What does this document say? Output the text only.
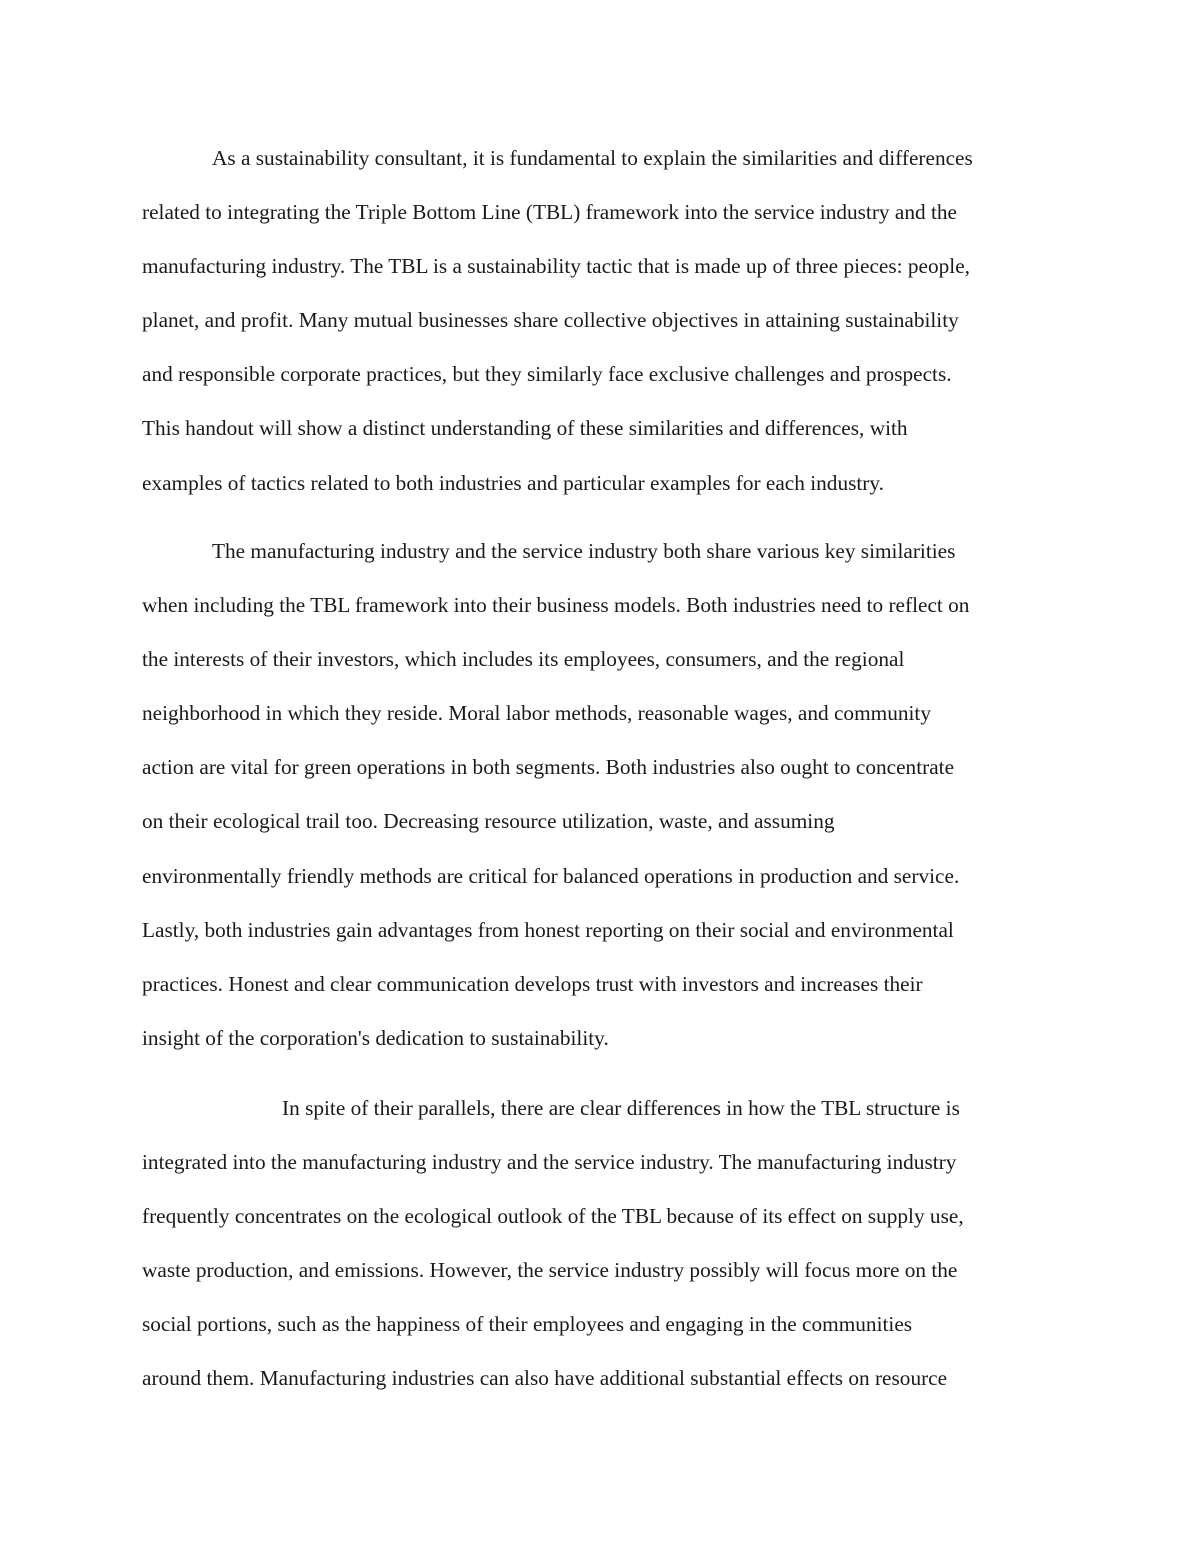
As a sustainability consultant, it is fundamental to explain the similarities and differences
related to integrating the Triple Bottom Line (TBL) framework into the service industry and the
manufacturing industry. The TBL is a sustainability tactic that is made up of three pieces: people,
planet, and profit. Many mutual businesses share collective objectives in attaining sustainability
and responsible corporate practices, but they similarly face exclusive challenges and prospects.
This handout will show a distinct understanding of these similarities and differences, with
examples of tactics related to both industries and particular examples for each industry.

The manufacturing industry and the service industry both share various key similarities
when including the TBL framework into their business models. Both industries need to reflect on
the interests of their investors, which includes its employees, consumers, and the regional
neighborhood in which they reside. Moral labor methods, reasonable wages, and community
action are vital for green operations in both segments. Both industries also ought to concentrate
on their ecological trail too. Decreasing resource utilization, waste, and assuming
environmentally friendly methods are critical for balanced operations in production and service.
Lastly, both industries gain advantages from honest reporting on their social and environmental
practices. Honest and clear communication develops trust with investors and increases their
insight of the corporation's dedication to sustainability.

In spite of their parallels, there are clear differences in how the TBL structure is
integrated into the manufacturing industry and the service industry. The manufacturing industry
frequently concentrates on the ecological outlook of the TBL because of its effect on supply use,
waste production, and emissions. However, the service industry possibly will focus more on the
social portions, such as the happiness of their employees and engaging in the communities
around them. Manufacturing industries can also have additional substantial effects on resource
